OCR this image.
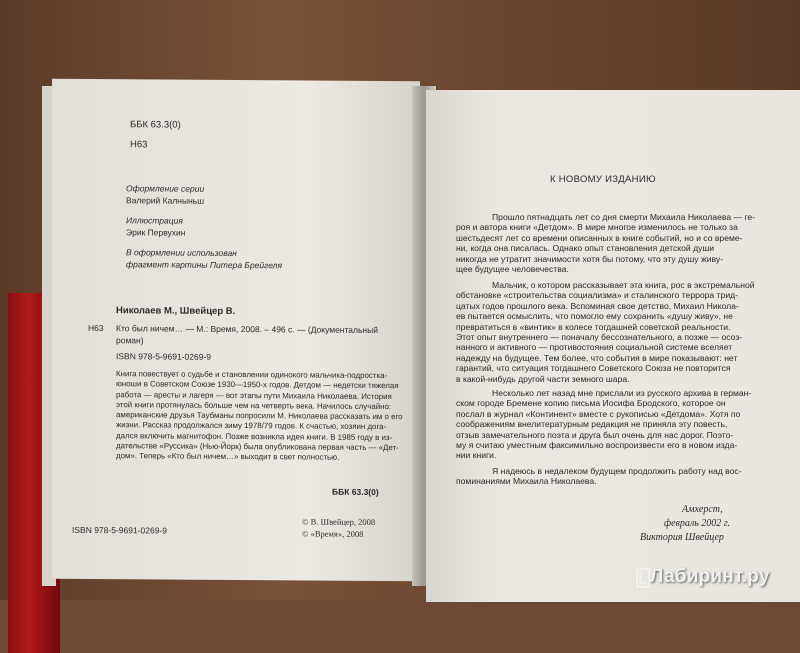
ББК 63.3(0)
Н63
Оформление серии
Валерий Калныньш
Иллюстрация
Эрик Первухин
В оформлении использован
фрагмент картины Питера Брейгеля
Николаев М., Швейцер В.
Н63 Кто был ничем… — М.: Время, 2008. – 496 с. — (Документальный
роман)
ISBN 978-5-9691-0269-9
Книга повествует о судьбе и становлении одинокого мальчика-подростка-
юноши в Советском Союзе 1930—1950-х годов. Детдом — недетски тяжелая
работа — аресты и лагеря — вот этапы пути Михаила Николаева. История
этой книги протянулась больше чем на четверть века. Начилось случайно:
американские друзья Таубманы попросили М. Николаева рассказать им о его
жизни. Рассказ продолжался зиму 1978/79 годов. К счастью, хозяин дога-
дался включить магнитофон. Позже возникла идея книги. В 1985 году в из-
дательстве «Руссика» (Нью-Йорк) была опубликована первая часть — «Дет-
дом». Теперь «Кто был ничем…» выходит в свет полностью.
ББК 63.3(0)
ISBN 978-5-9691-0269-9
© В. Швейцер, 2008
© «Время», 2008
К НОВОМУ ИЗДАНИЮ
Прошло пятнадцать лет со дня смерти Михаила Николаева — ге-
роя и автора книги «Детдом». В мире многое изменилось не только за
шестьдесят лет со времени описанных в книге событий, но и со време-
ни, когда она писалась. Однако опыт становления детской души
никогда не утратит значимости хотя бы потому, что эту душу живу-
щее будущее человечества.
Мальчик, о котором рассказывает эта книга, рос в экстремальной
обстановке «строительства социализма» и сталинского террора трид-
цатых годов прошлого века. Вспоминая свое детство, Михаил Николa-
ев пытается осмыслить, что помогло ему сохранить «душу живу», не
превратиться в «винтик» в колесе тогдашней советской реальности.
Этот опыт внутреннего — поначалу бессознательного, а позже — осоз-
нанного и активного — противостояния социальной системе вселяет
надежду на будущее. Тем более, что события в мире показывают: нет
гарантий, что ситуация тогдашнего Советского Союза не повторится
в какой-нибудь другой части земного шара.
Несколько лет назад мне прислали из русского архива в герман-
ском городе Бремене копию письма Иосифа Бродского, которое он
послал в журнал «Континент» вместе с рукописью «Детдома». Хотя по
соображениям внелитературным редакция не приняла эту повесть,
отзыв замечательного поэта и друга был очень для нас дорог. Поэто-
му я считаю уместным факсимильно воспроизвести его в новом изда-
нии книги.
Я надеюсь в недалеком будущем продолжить работу над вос-
поминаниями Михаила Николаева.
Амхерст,
февраль 2002 г.
Виктория Швейцер
Лабиринт.ру
